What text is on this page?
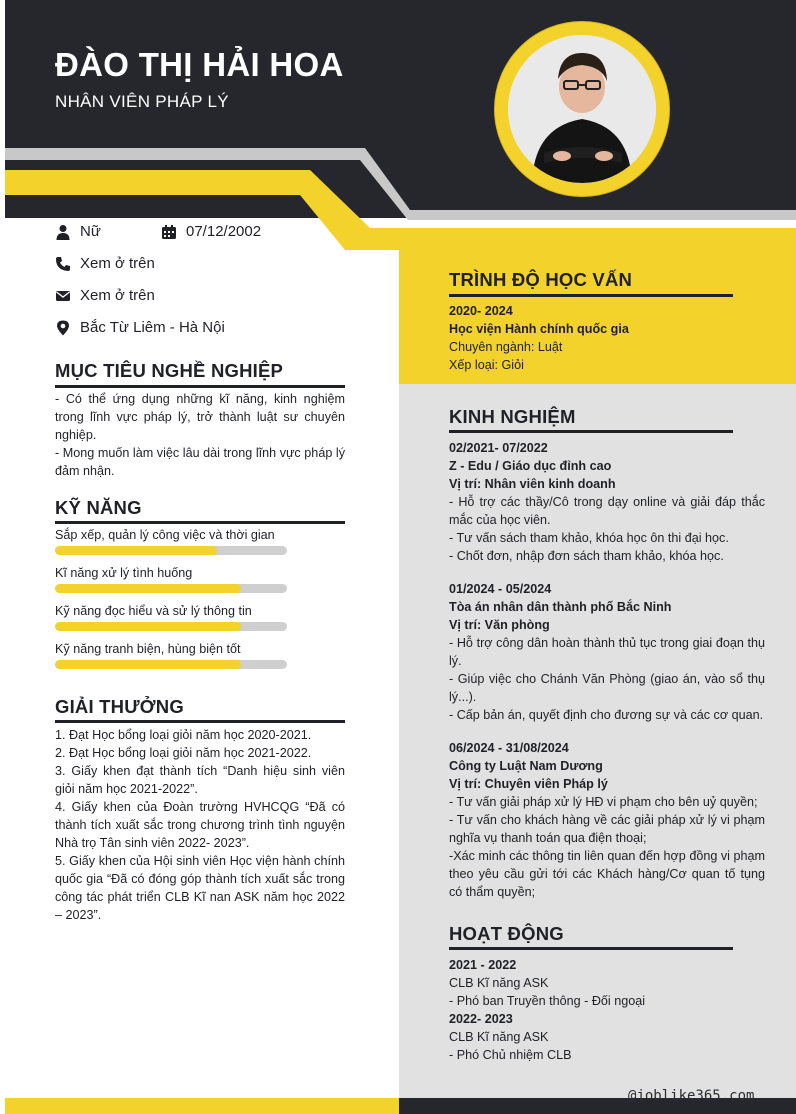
ĐÀO THỊ HẢI HOA
NHÂN VIÊN PHÁP LÝ
Nữ	07/12/2002
Xem ở trên
Xem ở trên
Bắc Từ Liêm - Hà Nội
MỤC TIÊU NGHỀ NGHIỆP

- Có thể ứng dụng những kĩ năng, kinh nghiệm trong lĩnh vực pháp lý, trở thành luật sư chuyên nghiệp.

- Mong muốn làm việc lâu dài trong lĩnh vực pháp lý đảm nhận.

KỸ NĂNG
Sắp xếp, quản lý công việc và thời gian
Kĩ năng xử lý tình huống
Kỹ năng đọc hiểu và sử lý thông tin
Kỹ năng tranh biện, hùng biện tốt
GIẢI THƯỞNG

1. Đạt Học bổng loại giỏi năm học 2020-2021.

2. Đạt Học bổng loại giỏi năm học 2021-2022.

3. Giấy khen đạt thành tích “Danh hiệu sinh viên giỏi năm học 2021-2022”.

4. Giấy khen của Đoàn trường HVHCQG “Đã có thành tích xuất sắc trong chương trình tình nguyện Nhà trọ Tân sinh viên 2022- 2023”.

5. Giấy khen của Hội sinh viên Học viện hành chính quốc gia “Đã có đóng góp thành tích xuất sắc trong công tác phát triển CLB Kĩ nan ASK năm học 2022 – 2023”.

TRÌNH ĐỘ HỌC VẤN
2020- 2024
Học viện Hành chính quốc gia
Chuyên ngành: Luật
Xếp loại: Giỏi
KINH NGHIỆM
02/2021- 07/2022
Z - Edu / Giáo dục đỉnh cao
Vị trí: Nhân viên kinh doanh
- Hỗ trợ các thầy/Cô trong dạy online và giải đáp thắc mắc của học viên.
- Tư vấn sách tham khảo, khóa học ôn thi đại học.
- Chốt đơn, nhập đơn sách tham khảo, khóa học.
01/2024 - 05/2024
Tòa án nhân dân thành phố Bắc Ninh
Vị trí: Văn phòng
- Hỗ trợ công dân hoàn thành thủ tục trong giai đoạn thụ lý.
- Giúp việc cho Chánh Văn Phòng (giao án, vào sổ thụ lý...).
- Cấp bản án, quyết định cho đương sự và các cơ quan.
06/2024 - 31/08/2024
Công ty Luật Nam Dương
Vị trí: Chuyên viên Pháp lý
- Tư vấn giải pháp xử lý HĐ vi phạm cho bên uỷ quyền;
- Tư vấn cho khách hàng về các giải pháp xử lý vi phạm nghĩa vụ thanh toán qua điện thoại;
-Xác minh các thông tin liên quan đến hợp đồng vi phạm theo yêu cầu gửi tới các Khách hàng/Cơ quan tố tụng có thẩm quyền;
HOẠT ĐỘNG
2021 - 2022
CLB Kĩ năng ASK
- Phó ban Truyền thông - Đối ngoại
2022- 2023
CLB Kĩ năng ASK
- Phó Chủ nhiệm CLB
@joblike365.com
